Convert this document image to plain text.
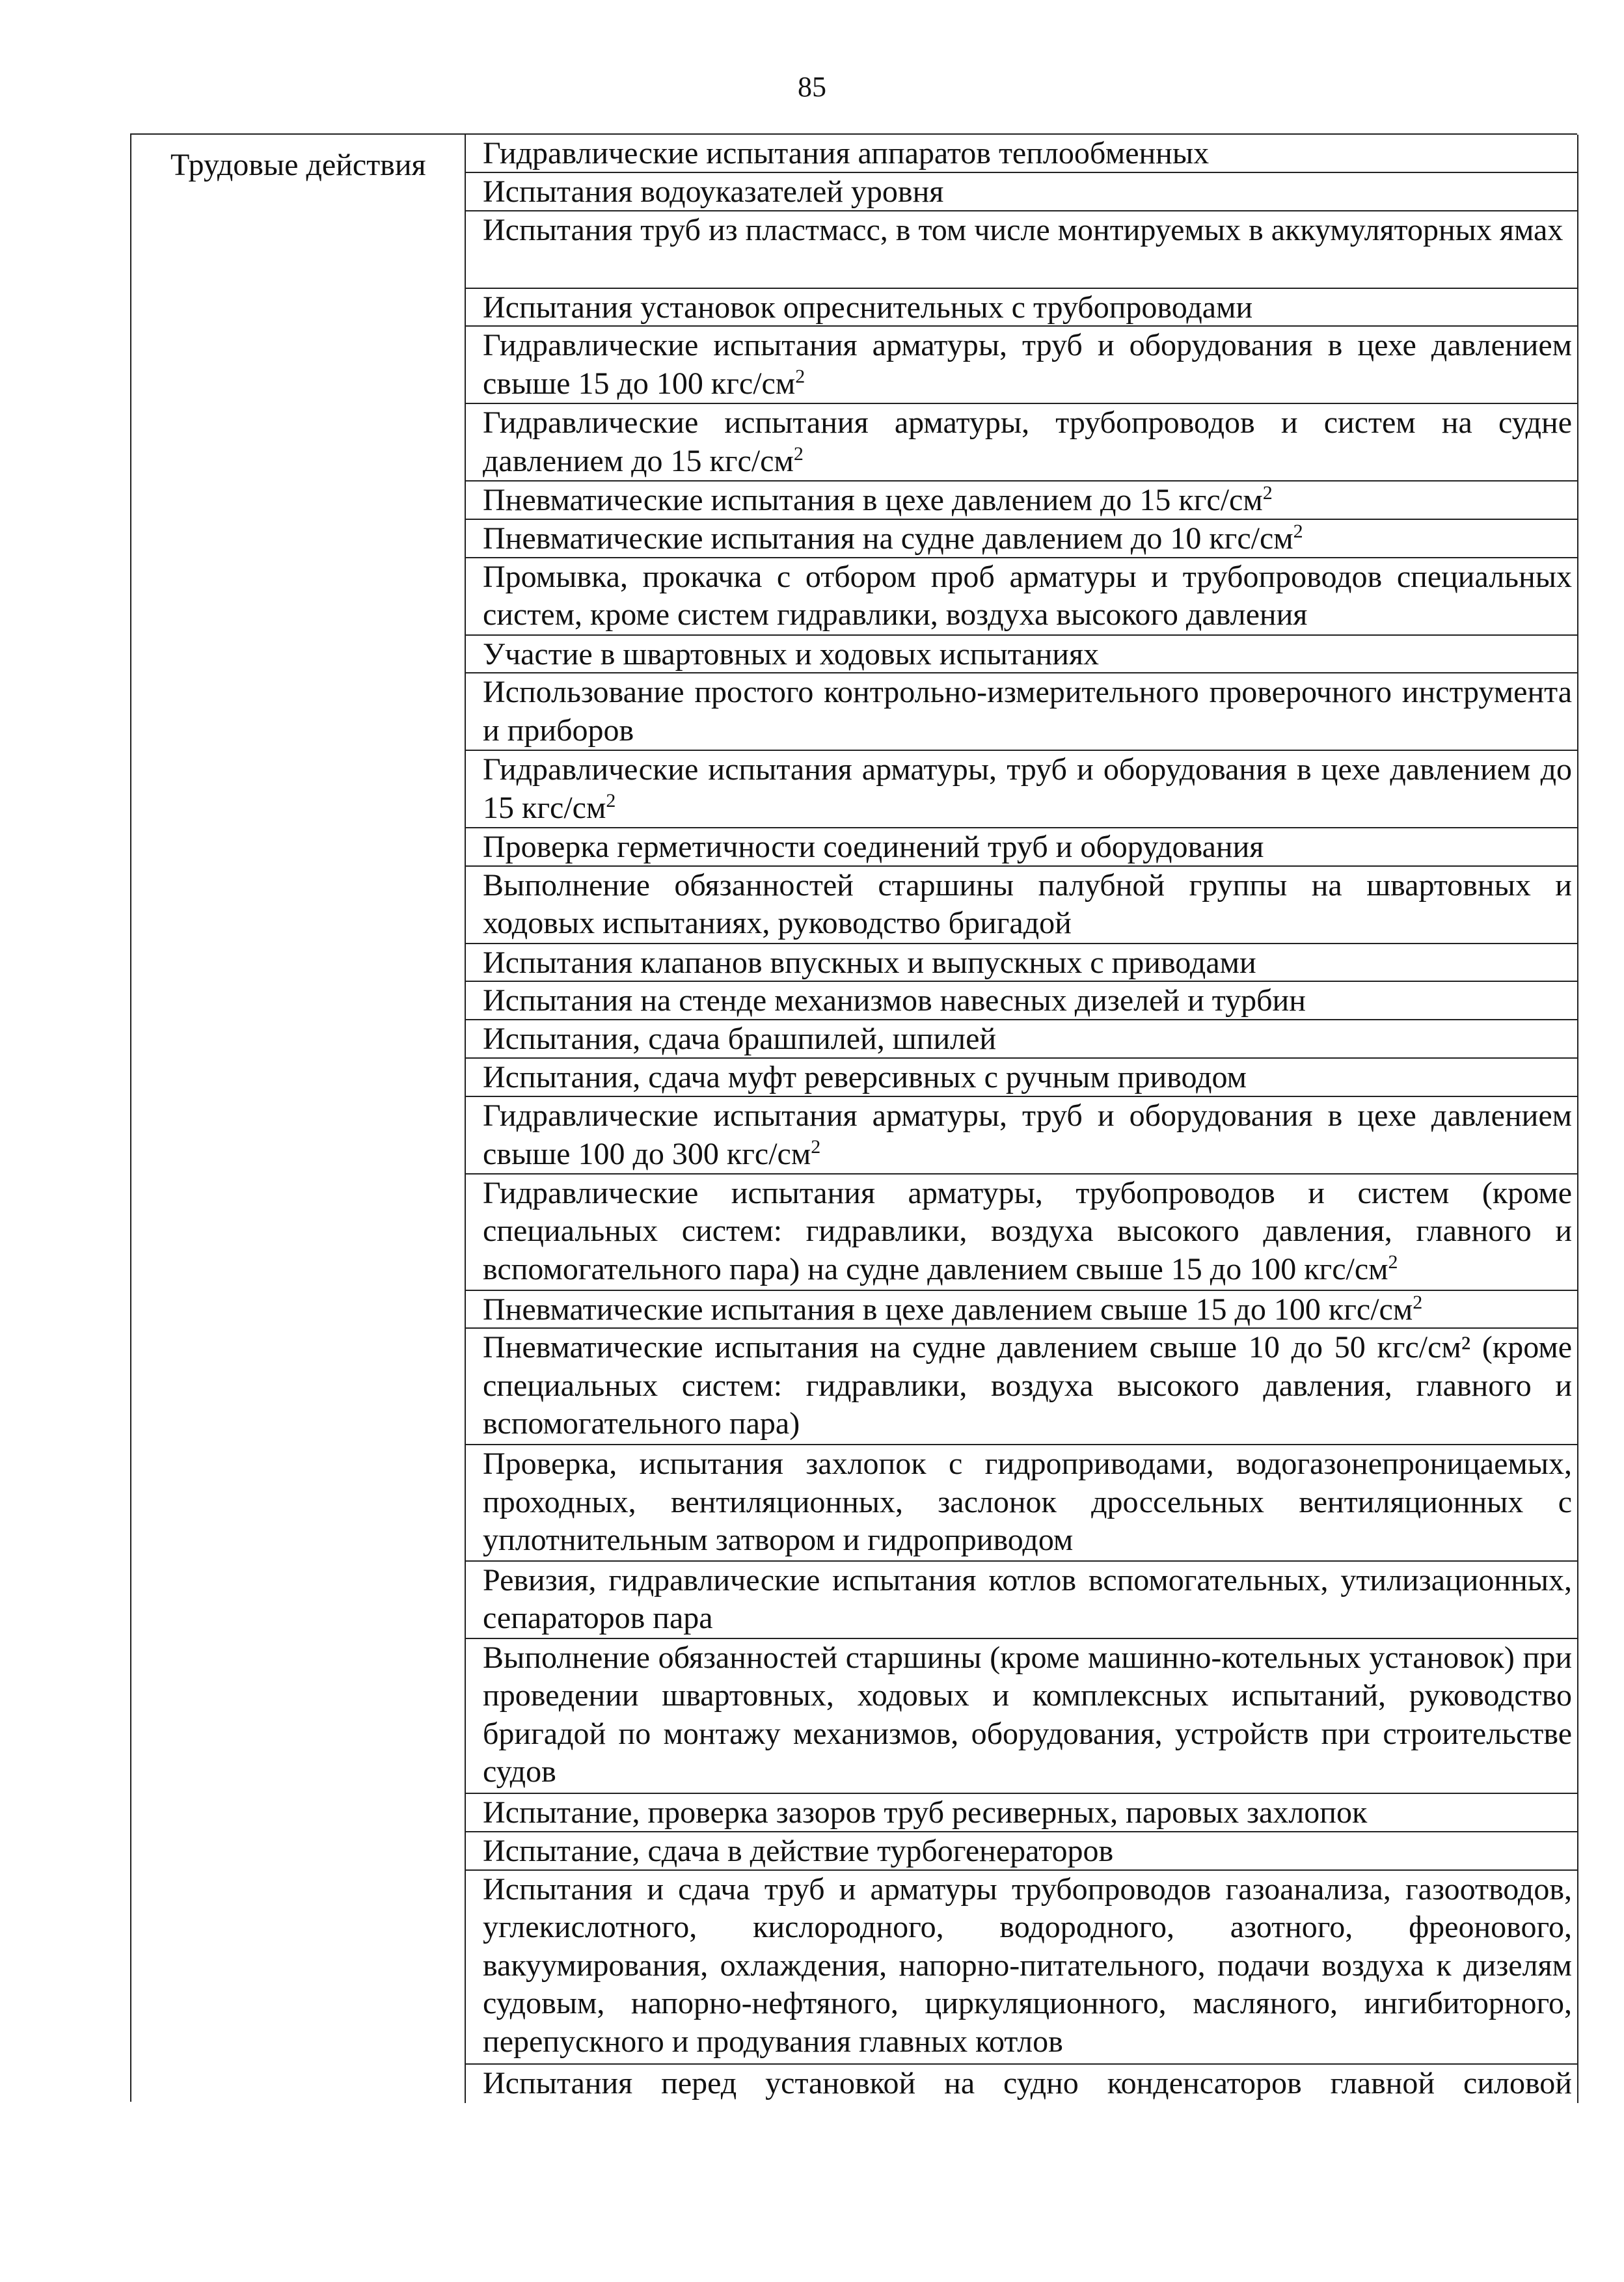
85
Трудовые действия	Гидравлические испытания аппаратов теплообменных
Испытания водоуказателей уровня
Испытания труб из пластмасс, в том числе монтируемых в аккумуляторных ямах
Испытания установок опреснительных с трубопроводами
Гидравлические испытания арматуры, труб и оборудования в цехе давлением свыше 15 до 100 кгс/$см^2$
Гидравлические испытания арматуры, трубопроводов и систем на судне давлением до 15 кгс/$см^2$
Пневматические испытания в цехе давлением до 15 кгс/$см^2$
Пневматические испытания на судне давлением до 10 кгс/$см^2$
Промывка, прокачка с отбором проб арматуры и трубопроводов специальных систем, кроме систем гидравлики, воздуха высокого давления
Участие в швартовных и ходовых испытаниях
Использование простого контрольно-измерительного проверочного инструмента и приборов
Гидравлические испытания арматуры, труб и оборудования в цехе давлением до 15 кгс/$см^2$
Проверка герметичности соединений труб и оборудования
Выполнение обязанностей старшины палубной группы на швартовных и ходовых испытаниях, руководство бригадой
Испытания клапанов впускных и выпускных с приводами
Испытания на стенде механизмов навесных дизелей и турбин
Испытания, сдача брашпилей, шпилей
Испытания, сдача муфт реверсивных с ручным приводом
Гидравлические испытания арматуры, труб и оборудования в цехе давлением свыше 100 до 300 кгс/$см^2$
Гидравлические испытания арматуры, трубопроводов и систем (кроме специальных систем: гидравлики, воздуха высокого давления, главного и вспомогательного пара) на судне давлением свыше 15 до 100 кгс/$см^2$
Пневматические испытания в цехе давлением свыше 15 до 100 кгс/$см^2$
Пневматические испытания на судне давлением свыше 10 до 50 кгс/см² (кроме специальных систем: гидравлики, воздуха высокого давления, главного и вспомогательного пара)
Проверка, испытания захлопок с гидроприводами, водогазонепроницаемых, проходных, вентиляционных, заслонок дроссельных вентиляционных с уплотнительным затвором и гидроприводом
Ревизия, гидравлические испытания котлов вспомогательных, утилизационных, сепараторов пара
Выполнение обязанностей старшины (кроме машинно-котельных установок) при проведении швартовных, ходовых и комплексных испытаний, руководство бригадой по монтажу механизмов, оборудования, устройств при строительстве судов
Испытание, проверка зазоров труб ресиверных, паровых захлопок
Испытание, сдача в действие турбогенераторов
Испытания и сдача труб и арматуры трубопроводов газоанализа, газоотводов, углекислотного, кислородного, водородного, азотного, фреонового, вакуумирования, охлаждения, напорно-питательного, подачи воздуха к дизелям судовым, напорно-нефтяного, циркуляционного, масляного, ингибиторного, перепускного и продувания главных котлов
Испытания перед установкой на судно конденсаторов главной силовой
